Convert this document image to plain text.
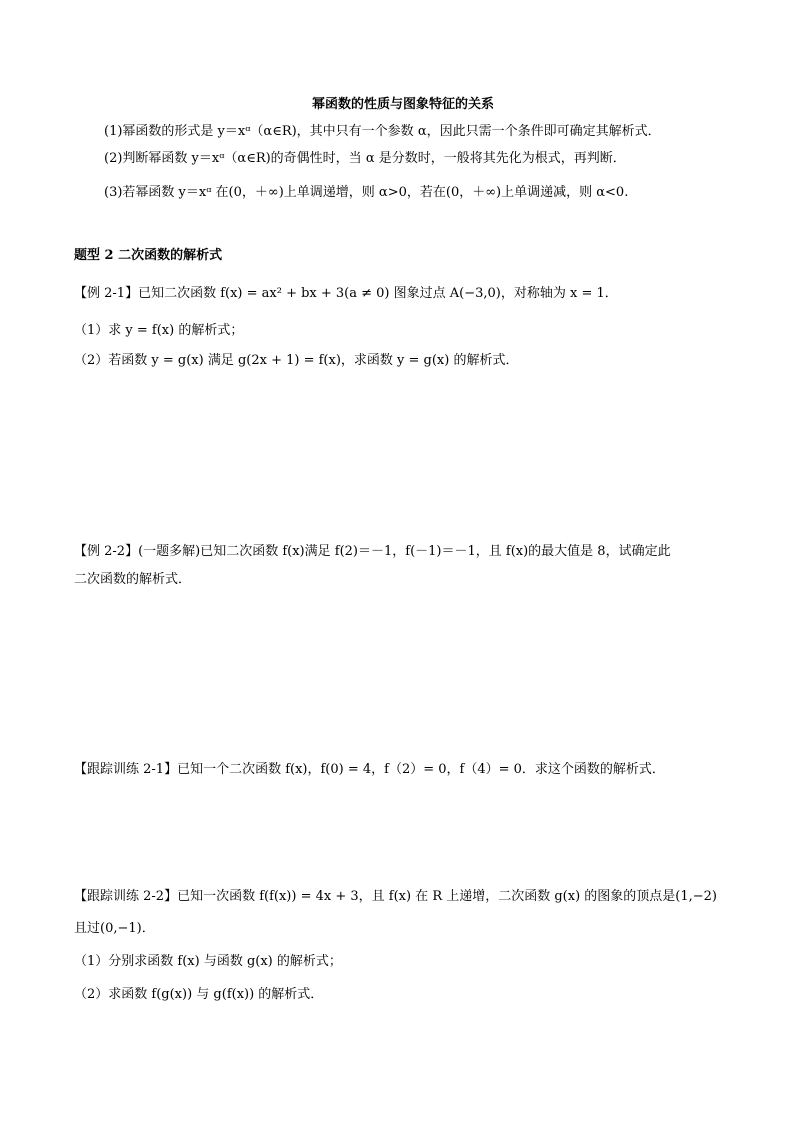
幂函数的性质与图象特征的关系
(1)幂函数的形式是 y＝xᵅ（α∈R)，其中只有一个参数 α，因此只需一个条件即可确定其解析式．
(2)判断幂函数 y＝xᵅ（α∈R)的奇偶性时，当 α 是分数时，一般将其先化为根式，再判断．
(3)若幂函数 y＝xᵅ 在(0，＋∞)上单调递增，则 α>0，若在(0，＋∞)上单调递减，则 α<0.
题型 2 二次函数的解析式
【例 2-1】已知二次函数 f(x) = ax² + bx + 3(a ≠ 0) 图象过点 A(−3,0)，对称轴为 x = 1．
（1）求 y = f(x) 的解析式；
（2）若函数 y = g(x) 满足 g(2x + 1) = f(x)，求函数 y = g(x) 的解析式．
【例 2-2】(一题多解)已知二次函数 f(x)满足 f(2)＝－1，f(－1)＝－1，且 f(x)的最大值是 8，试确定此
二次函数的解析式．
【跟踪训练 2-1】已知一个二次函数 f(x)，f(0) = 4，f（2）= 0，f（4）= 0．求这个函数的解析式．
【跟踪训练 2-2】已知一次函数 f(f(x)) = 4x + 3，且 f(x) 在 R 上递增，二次函数 g(x) 的图象的顶点是(1,−2)
且过(0,−1)．
（1）分别求函数 f(x) 与函数 g(x) 的解析式；
（2）求函数 f(g(x)) 与 g(f(x)) 的解析式．
